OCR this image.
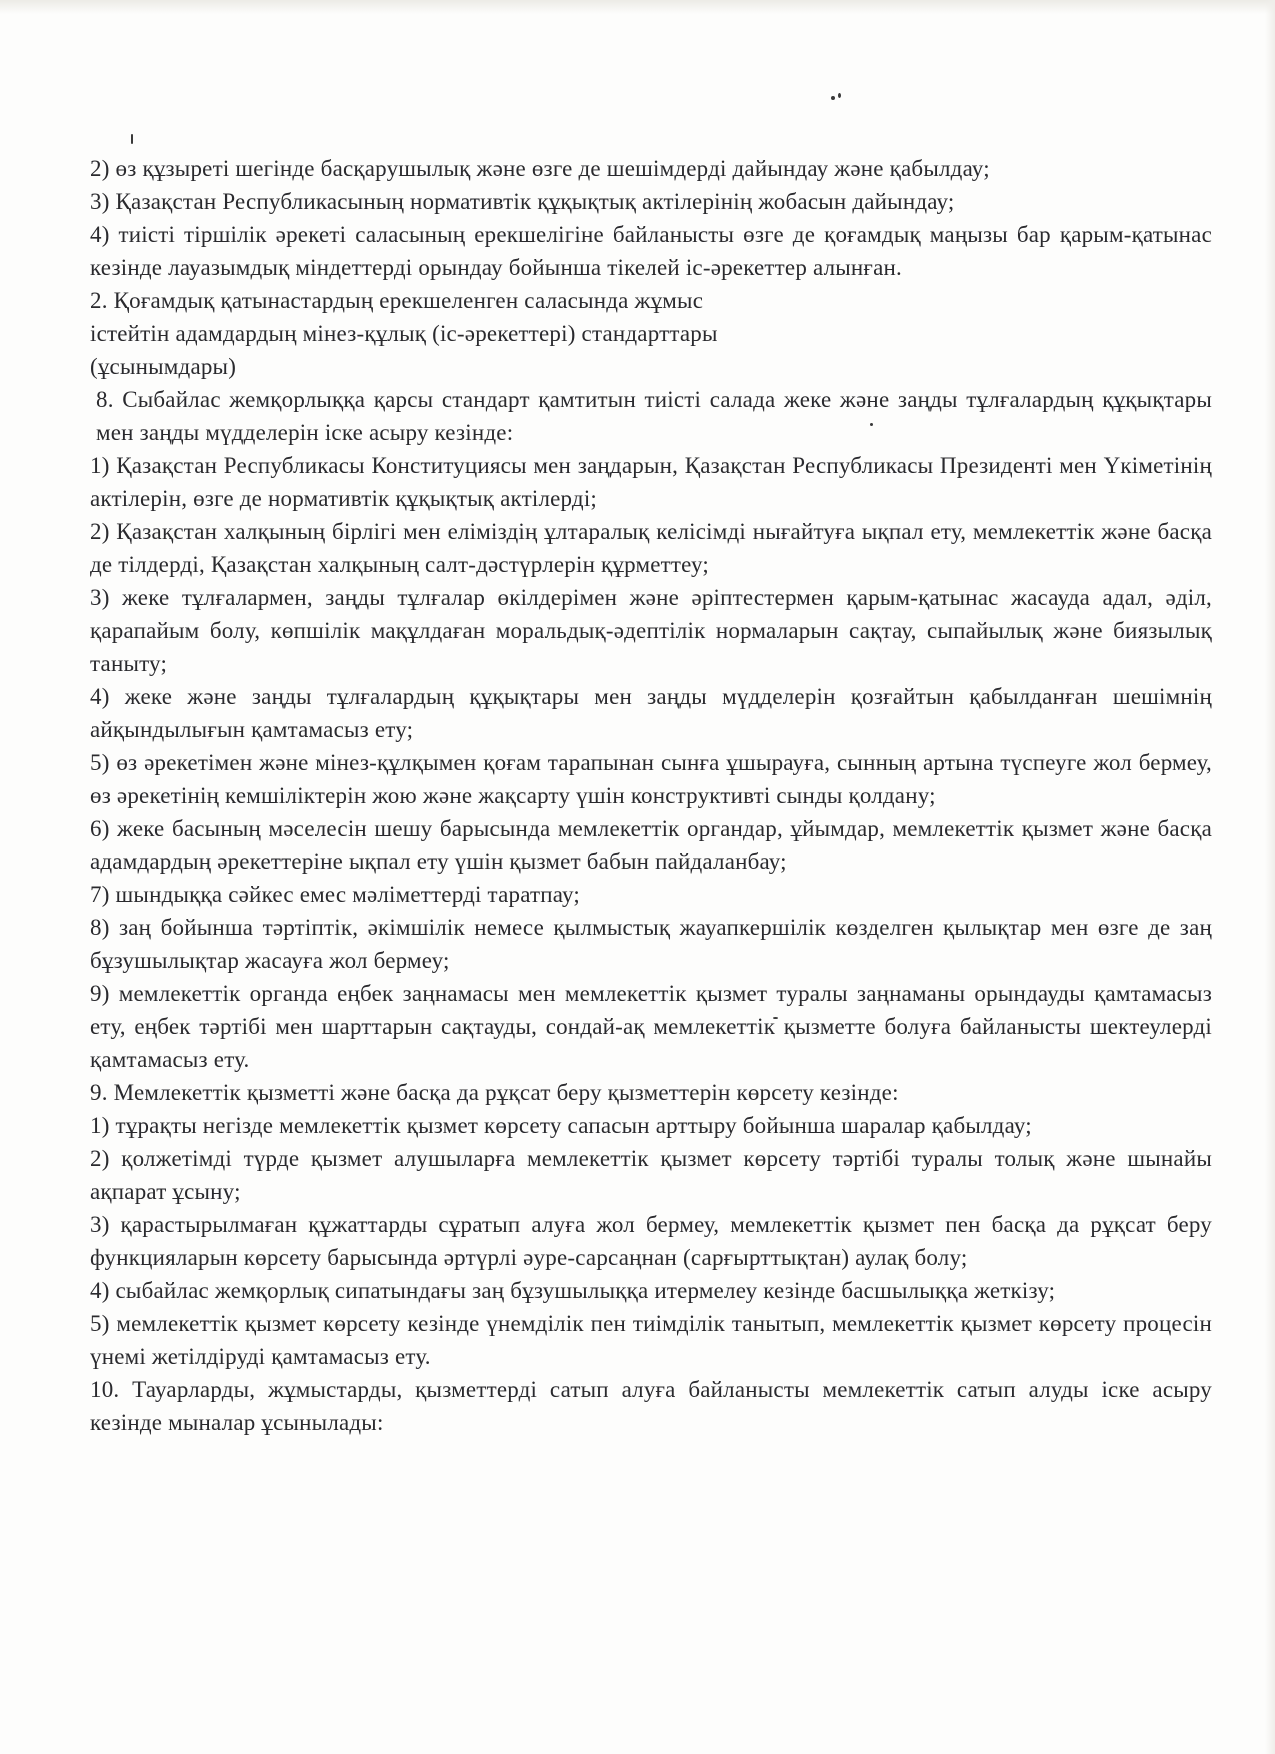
2) өз құзыреті шегінде басқарушылық және өзге де шешімдерді дайындау және қабылдау;

3) Қазақстан Республикасының нормативтік құқықтық актілерінің жобасын дайындау;

4) тиісті тіршілік әрекеті саласының ерекшелігіне байланысты өзге де қоғамдық маңызы бар қарым-қатынас кезінде лауазымдық міндеттерді орындау бойынша тікелей іс-әрекеттер алынған.

2. Қоғамдық қатынастардың ерекшеленген саласында жұмыс

істейтін адамдардың мінез-құлық (іс-әрекеттері) стандарттары

(ұсынымдары)

8. Сыбайлас жемқорлыққа қарсы стандарт қамтитын тиісті салада жеке және заңды тұлғалардың құқықтары мен заңды мүдделерін іске асыру кезінде:

1) Қазақстан Республикасы Конституциясы мен заңдарын, Қазақстан Республикасы Президенті мен Үкіметінің актілерін, өзге де нормативтік құқықтық актілерді;

2) Қазақстан халқының бірлігі мен еліміздің ұлтаралық келісімді нығайтуға ықпал ету, мемлекеттік және басқа де тілдерді, Қазақстан халқының салт-дәстүрлерін құрметтеу;

3) жеке тұлғалармен, заңды тұлғалар өкілдерімен және әріптестермен қарым-қатынас жасауда адал, әділ, қарапайым болу, көпшілік мақұлдаған моральдық-әдептілік нормаларын сақтау, сыпайылық және биязылық таныту;

4) жеке және заңды тұлғалардың құқықтары мен заңды мүдделерін қозғайтын қабылданған шешімнің айқындылығын қамтамасыз ету;

5) өз әрекетімен және мінез-құлқымен қоғам тарапынан сынға ұшырауға, сынның артына түспеуге жол бермеу, өз әрекетінің кемшіліктерін жою және жақсарту үшін конструктивті сынды қолдану;

6) жеке басының мәселесін шешу барысында мемлекеттік органдар, ұйымдар, мемлекеттік қызмет және басқа адамдардың әрекеттеріне ықпал ету үшін қызмет бабын пайдаланбау;

7) шындыққа сәйкес емес мәліметтерді таратпау;

8) заң бойынша тәртіптік, әкімшілік немесе қылмыстық жауапкершілік көзделген қылықтар мен өзге де заң бұзушылықтар жасауға жол бермеу;

9) мемлекеттік органда еңбек заңнамасы мен мемлекеттік қызмет туралы заңнаманы орындауды қамтамасыз ету, еңбек тәртібі мен шарттарын сақтауды, сондай-ақ мемлекеттік қызметте болуға байланысты шектеулерді қамтамасыз ету.

9. Мемлекеттік қызметті және басқа да рұқсат беру қызметтерін көрсету кезінде:

1) тұрақты негізде мемлекеттік қызмет көрсету сапасын арттыру бойынша шаралар қабылдау;

2) қолжетімді түрде қызмет алушыларға мемлекеттік қызмет көрсету тәртібі туралы толық және шынайы ақпарат ұсыну;

3) қарастырылмаған құжаттарды сұратып алуға жол бермеу, мемлекеттік қызмет пен басқа да рұқсат беру функцияларын көрсету барысында әртүрлі әуре-сарсаңнан (сарғырттықтан) аулақ болу;

4) сыбайлас жемқорлық сипатындағы заң бұзушылыққа итермелеу кезінде басшылыққа жеткізу;

5) мемлекеттік қызмет көрсету кезінде үнемділік пен тиімділік танытып, мемлекеттік қызмет көрсету процесін үнемі жетілдіруді қамтамасыз ету.

10. Тауарларды, жұмыстарды, қызметтерді сатып алуға байланысты мемлекеттік сатып алуды іске асыру кезінде мыналар ұсынылады:
